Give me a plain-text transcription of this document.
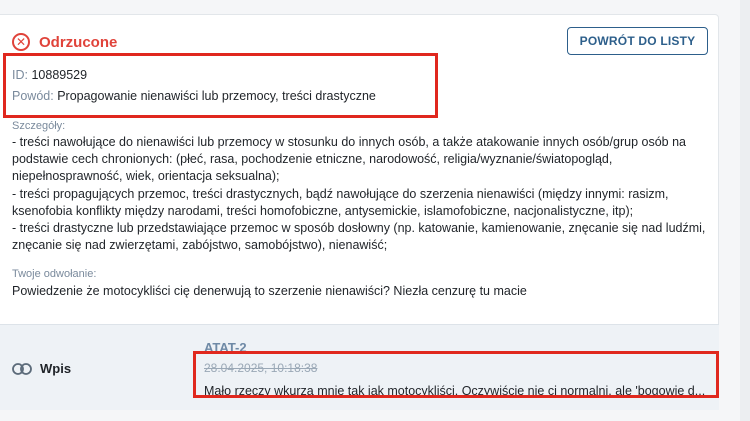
✕ Odrzucone	POWRÓT DO LISTY
ID: 10889529
Powód: Propagowanie nienawiści lub przemocy, treści drastyczne
Szczegóły:
- treści nawołujące do nienawiści lub przemocy w stosunku do innych osób, a także atakowanie innych osób/grup osób na
podstawie cech chronionych: (płeć, rasa, pochodzenie etniczne, narodowość, religia/wyznanie/światopogląd,
niepełnosprawność, wiek, orientacja seksualna);
- treści propagujących przemoc, treści drastycznych, bądź nawołujące do szerzenia nienawiści (między innymi: rasizm,
ksenofobia konflikty między narodami, treści homofobiczne, antysemickie, islamofobiczne, nacjonalistyczne, itp);
- treści drastyczne lub przedstawiające przemoc w sposób dosłowny (np. katowanie, kamienowanie, znęcanie się nad ludźmi,
znęcanie się nad zwierzętami, zabójstwo, samobójstwo), nienawiść;
Twoje odwołanie:
Powiedzenie że motocykliści cię denerwują to szerzenie nienawiści? Niezła cenzurę tu macie
Wpis
ATAT-2
28.04.2025, 10:18:38
Mało rzeczy wkurza mnie tak jak motocykliści. Oczywiście nie ci normalni, ale 'bogowie d...
